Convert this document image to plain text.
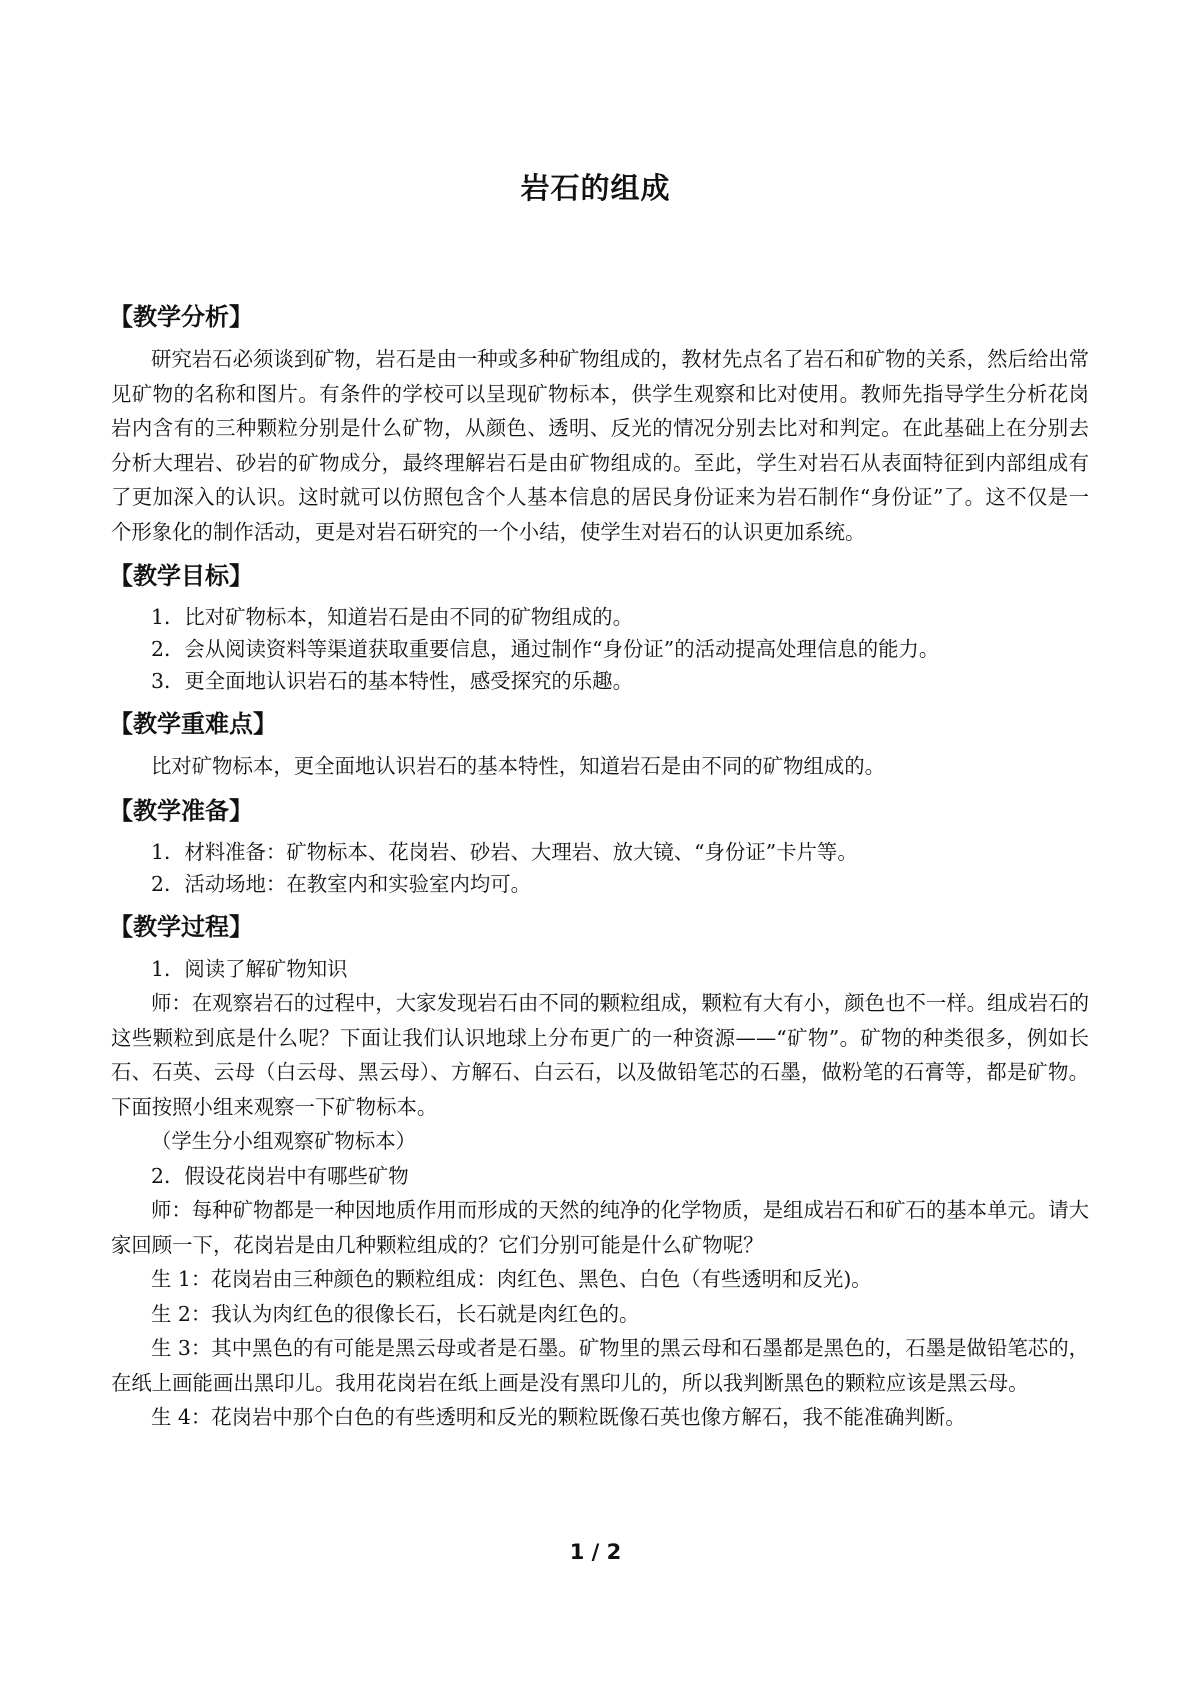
岩石的组成
【教学分析】

研究岩石必须谈到矿物，岩石是由一种或多种矿物组成的，教材先点名了岩石和矿物的关系，然后给出常见矿物的名称和图片。有条件的学校可以呈现矿物标本，供学生观察和比对使用。教师先指导学生分析花岗岩内含有的三种颗粒分别是什么矿物，从颜色、透明、反光的情况分别去比对和判定。在此基础上在分别去分析大理岩、砂岩的矿物成分，最终理解岩石是由矿物组成的。至此，学生对岩石从表面特征到内部组成有了更加深入的认识。这时就可以仿照包含个人基本信息的居民身份证来为岩石制作“身份证”了。这不仅是一个形象化的制作活动，更是对岩石研究的一个小结，使学生对岩石的认识更加系统。

【教学目标】

1．比对矿物标本，知道岩石是由不同的矿物组成的。

2．会从阅读资料等渠道获取重要信息，通过制作“身份证”的活动提高处理信息的能力。

3．更全面地认识岩石的基本特性，感受探究的乐趣。

【教学重难点】

比对矿物标本，更全面地认识岩石的基本特性，知道岩石是由不同的矿物组成的。

【教学准备】

1．材料准备：矿物标本、花岗岩、砂岩、大理岩、放大镜、“身份证”卡片等。

2．活动场地：在教室内和实验室内均可。

【教学过程】

1．阅读了解矿物知识

师：在观察岩石的过程中，大家发现岩石由不同的颗粒组成，颗粒有大有小，颜色也不一样。组成岩石的这些颗粒到底是什么呢？下面让我们认识地球上分布更广的一种资源——“矿物”。矿物的种类很多，例如长石、石英、云母（白云母、黑云母）、方解石、白云石，以及做铅笔芯的石墨，做粉笔的石膏等，都是矿物。下面按照小组来观察一下矿物标本。

（学生分小组观察矿物标本）

2．假设花岗岩中有哪些矿物

师：每种矿物都是一种因地质作用而形成的天然的纯净的化学物质，是组成岩石和矿石的基本单元。请大家回顾一下，花岗岩是由几种颗粒组成的？它们分别可能是什么矿物呢？

生 1：花岗岩由三种颜色的颗粒组成：肉红色、黑色、白色（有些透明和反光)。

生 2：我认为肉红色的很像长石，长石就是肉红色的。

生 3：其中黑色的有可能是黑云母或者是石墨。矿物里的黑云母和石墨都是黑色的，石墨是做铅笔芯的，在纸上画能画出黑印儿。我用花岗岩在纸上画是没有黑印儿的，所以我判断黑色的颗粒应该是黑云母。

生 4：花岗岩中那个白色的有些透明和反光的颗粒既像石英也像方解石，我不能准确判断。

1 / 2
